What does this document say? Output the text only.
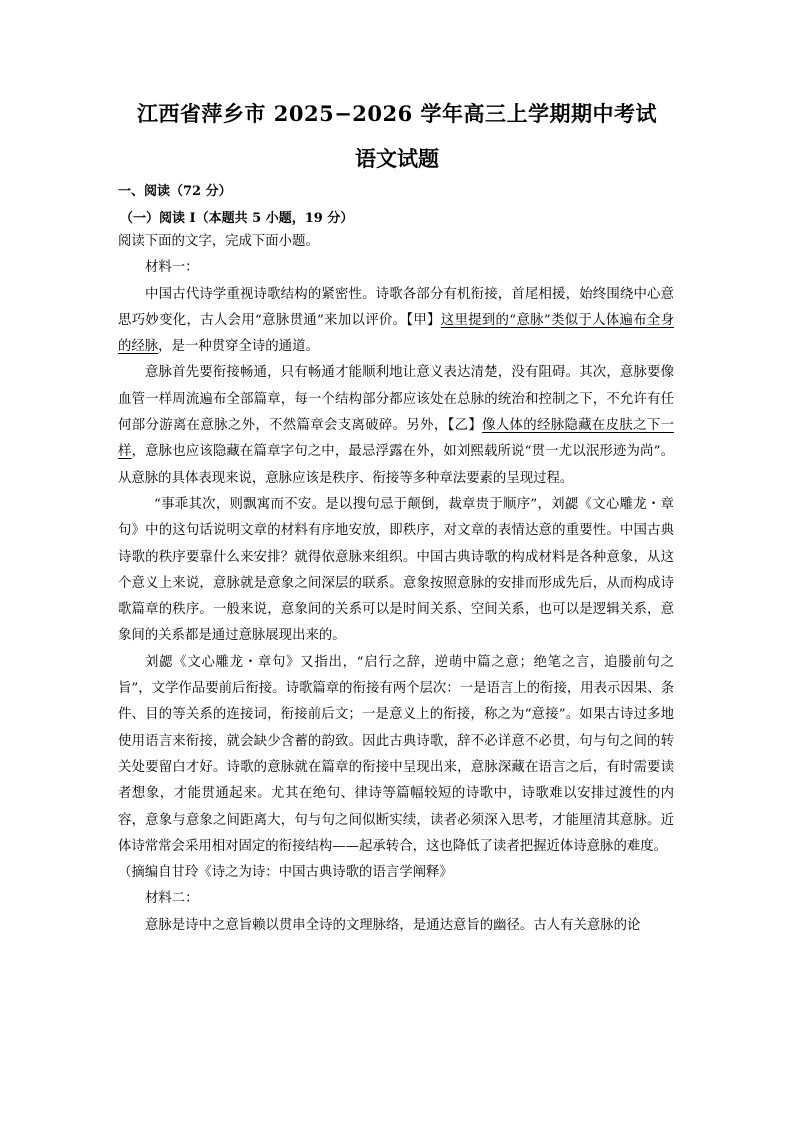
江西省萍乡市 2025−2026 学年高三上学期期中考试
语文试题
一、阅读（72 分）
（一）阅读 I（本题共 5 小题，19 分）

阅读下面的文字，完成下面小题。

材料一：

中国古代诗学重视诗歌结构的紧密性。诗歌各部分有机衔接，首尾相援，始终围绕中心意思巧妙变化，古人会用“意脉贯通”来加以评价。【甲】这里提到的“意脉”类似于人体遍布全身的经脉，是一种贯穿全诗的通道。

意脉首先要衔接畅通，只有畅通才能顺利地让意义表达清楚，没有阻碍。其次，意脉要像血管一样周流遍布全部篇章，每一个结构部分都应该处在总脉的统治和控制之下，不允许有任何部分游离在意脉之外，不然篇章会支离破碎。另外，【乙】像人体的经脉隐藏在皮肤之下一样，意脉也应该隐藏在篇章字句之中，最忌浮露在外，如刘熙载所说“贯一尤以泯形迹为尚”。从意脉的具体表现来说，意脉应该是秩序、衔接等多种章法要素的呈现过程。

“事乖其次，则飘寓而不安。是以搜句忌于颠倒，裁章贵于顺序”，刘勰《文心雕龙・章句》中的这句话说明文章的材料有序地安放，即秩序，对文章的表情达意的重要性。中国古典诗歌的秩序要靠什么来安排？就得依意脉来组织。中国古典诗歌的构成材料是各种意象，从这个意义上来说，意脉就是意象之间深层的联系。意象按照意脉的安排而形成先后，从而构成诗歌篇章的秩序。一般来说，意象间的关系可以是时间关系、空间关系，也可以是逻辑关系，意象间的关系都是通过意脉展现出来的。

刘勰《文心雕龙・章句》又指出，“启行之辞，逆萌中篇之意；绝笔之言，追媵前句之旨”，文学作品要前后衔接。诗歌篇章的衔接有两个层次：一是语言上的衔接，用表示因果、条件、目的等关系的连接词，衔接前后文；一是意义上的衔接，称之为“意接”。如果古诗过多地使用语言来衔接，就会缺少含蓄的韵致。因此古典诗歌，辞不必详意不必贯，句与句之间的转关处要留白才好。诗歌的意脉就在篇章的衔接中呈现出来，意脉深藏在语言之后，有时需要读者想象，才能贯通起来。尤其在绝句、律诗等篇幅较短的诗歌中，诗歌难以安排过渡性的内容，意象与意象之间距离大，句与句之间似断实续，读者必须深入思考，才能厘清其意脉。近体诗常常会采用相对固定的衔接结构——起承转合，这也降低了读者把握近体诗意脉的难度。

（摘编自甘玲《诗之为诗：中国古典诗歌的语言学阐释》

材料二：

意脉是诗中之意旨赖以贯串全诗的文理脉络，是通达意旨的幽径。古人有关意脉的论
